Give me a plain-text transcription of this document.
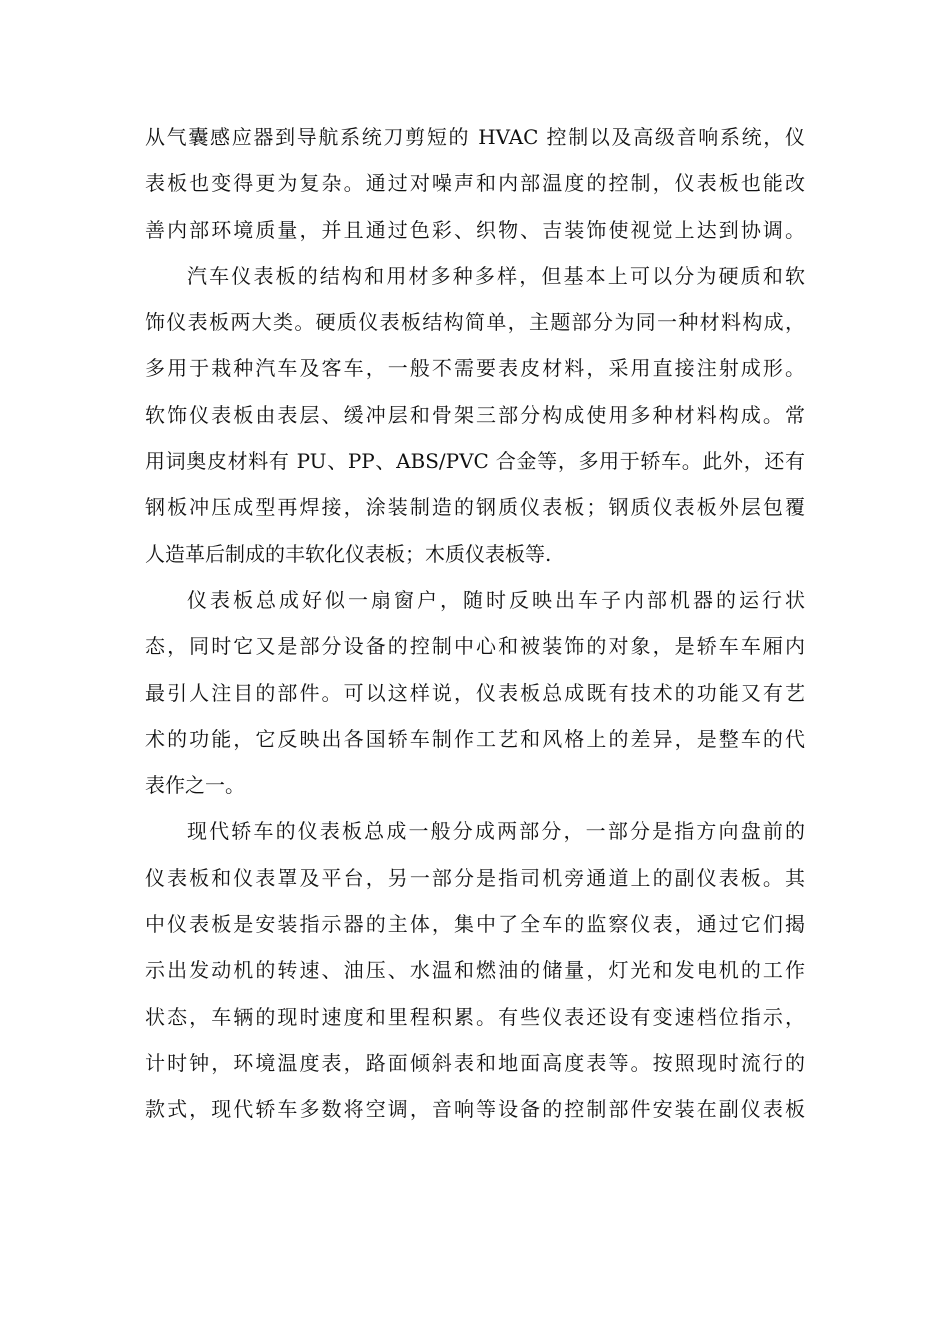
从气囊感应器到导航系统刀剪短的 HVAC 控制以及高级音响系统，仪
表板也变得更为复杂。通过对噪声和内部温度的控制，仪表板也能改
善内部环境质量，并且通过色彩、织物、吉装饰使视觉上达到协调。
汽车仪表板的结构和用材多种多样，但基本上可以分为硬质和软
饰仪表板两大类。硬质仪表板结构简单，主题部分为同一种材料构成，
多用于栽种汽车及客车，一般不需要表皮材料，采用直接注射成形。
软饰仪表板由表层、缓冲层和骨架三部分构成使用多种材料构成。常
用词奥皮材料有 PU、PP、ABS/PVC 合金等，多用于轿车。此外，还有
钢板冲压成型再焊接，涂装制造的钢质仪表板；钢质仪表板外层包覆
人造革后制成的丰软化仪表板；木质仪表板等.
仪表板总成好似一扇窗户，随时反映出车子内部机器的运行状
态，同时它又是部分设备的控制中心和被装饰的对象，是轿车车厢内
最引人注目的部件。可以这样说，仪表板总成既有技术的功能又有艺
术的功能，它反映出各国轿车制作工艺和风格上的差异，是整车的代
表作之一。
现代轿车的仪表板总成一般分成两部分，一部分是指方向盘前的
仪表板和仪表罩及平台，另一部分是指司机旁通道上的副仪表板。其
中仪表板是安装指示器的主体，集中了全车的监察仪表，通过它们揭
示出发动机的转速、油压、水温和燃油的储量，灯光和发电机的工作
状态，车辆的现时速度和里程积累。有些仪表还设有变速档位指示，
计时钟，环境温度表，路面倾斜表和地面高度表等。按照现时流行的
款式，现代轿车多数将空调，音响等设备的控制部件安装在副仪表板
